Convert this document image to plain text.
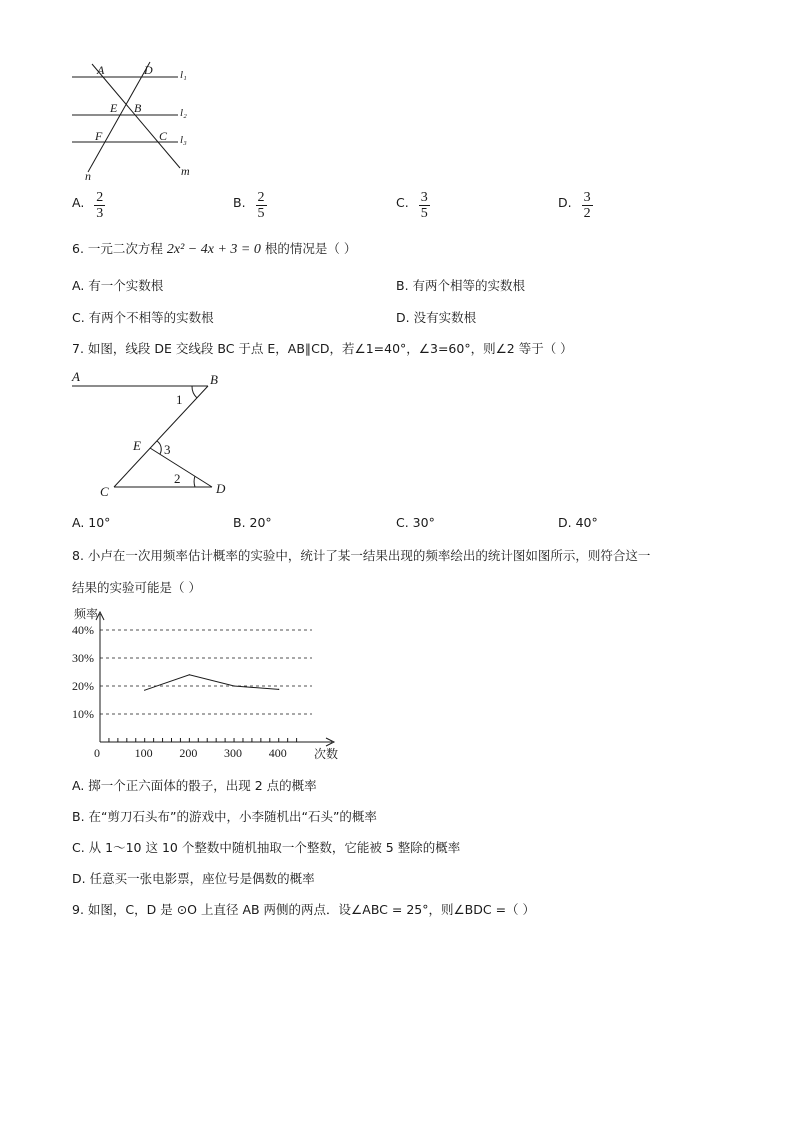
A	D l₁
E B	l₂
F	C l₃
n	m
A. $\frac{2}{3}$	B. $\frac{2}{5}$	C. $\frac{3}{5}$	D. $\frac{3}{2}$
6. 一元二次方程 2x² − 4x + 3 = 0 根的情况是（ ）
A. 有一个实数根	B. 有两个相等的实数根
C. 有两个不相等的实数根	D. 没有实数根
7. 如图，线段 DE 交线段 BC 于点 E，AB∥CD，若∠1=40°，∠3=60°，则∠2 等于（ ）
A	B
1
E 3
2
C	D
A. 10°	B. 20°	C. 30°	D. 40°
8. 小卢在一次用频率估计概率的实验中，统计了某一结果出现的频率绘出的统计图如图所示，则符合这一
结果的实验可能是（ ）
10%
20%
30%
40%
0	100 200 300 400
频率
次数
A. 掷一个正六面体的骰子，出现 2 点的概率
B. 在“剪刀石头布”的游戏中，小李随机出“石头”的概率
C. 从 1～10 这 10 个整数中随机抽取一个整数，它能被 5 整除的概率
D. 任意买一张电影票，座位号是偶数的概率
9. 如图，C，D 是 ⊙O 上直径 AB 两侧的两点．设∠ABC = 25°，则∠BDC =（ ）
